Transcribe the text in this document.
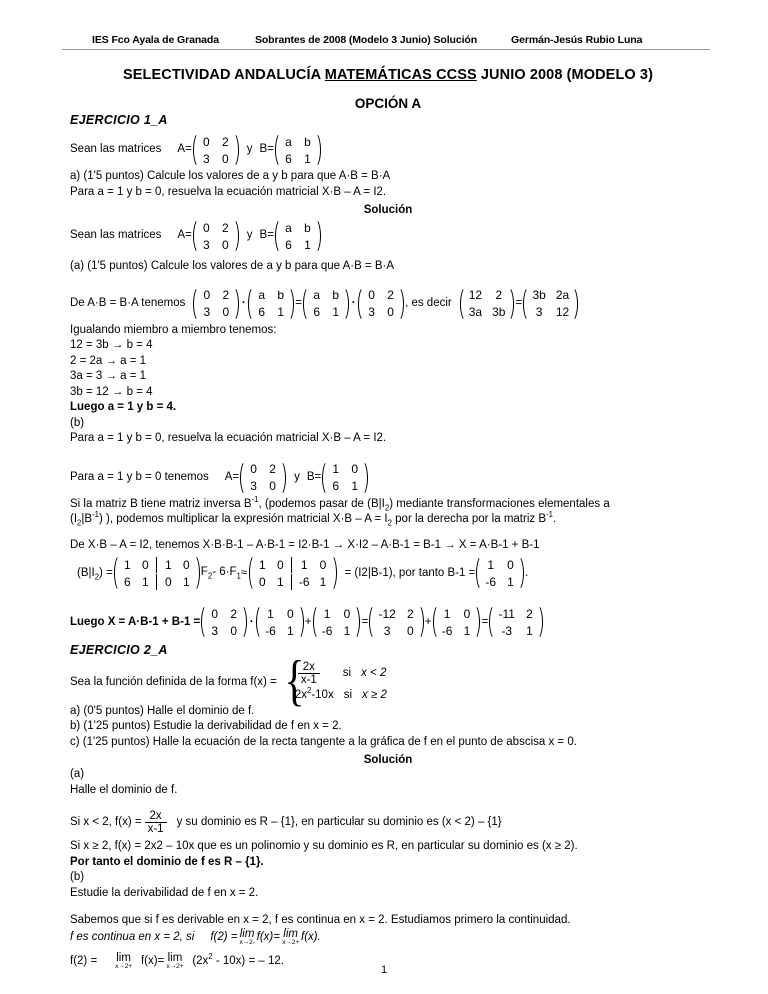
IES Fco Ayala de Granada	Sobrantes de 2008 (Modelo 3 Junio) Solución	Germán-Jesús Rubio Luna
SELECTIVIDAD ANDALUCÍA MATEMÁTICAS CCSS JUNIO 2008 (MODELO 3)
OPCIÓN A
EJERCICIO 1_A
Sean las matrices A=
0 2
3 0
y B=
a b
6 1
a) (1'5 puntos) Calcule los valores de a y b para que A·B = B·A
Para a = 1 y b = 0, resuelva la ecuación matricial X·B – A = I2.
Solución
Sean las matrices A=
0 2
3 0
y B=
a b
6 1
(a) (1'5 puntos) Calcule los valores de a y b para que A·B = B·A
De A·B = B·A tenemos
0 2
3 0
·
a b
6 1
=
a b
6 1
·
0 2
3 0
, es decir
12 2
3a 3b
=
3b 2a
3 12
Igualando miembro a miembro tenemos:
12 = 3b → b = 4
2 = 2a → a = 1
3a = 3 → a = 1
3b = 12 → b = 4
Luego a = 1 y b = 4.
(b)
Para a = 1 y b = 0, resuelva la ecuación matricial X·B – A = I2.
Para a = 1 y b = 0 tenemos A=
0 2
3 0
y B=
1 0
6 1
Si la matriz B tiene matriz inversa $B^{-1}$, (podemos pasar de $(B|I_2)$ mediante transformaciones elementales a
$(I_2|B^{-1})$ ), podemos multiplicar la expresión matricial $X\cdot B - A = I_2$ por la derecha por la matriz $B^{-1}$.
De X·B – A = I2, tenemos X·B·B-1 – A·B-1 = I2·B-1 → X·I2 – A·B-1 = B-1 → X = A·B-1 + B-1
$(B|I_2)$ =
1 0	1 0
6 1	0 1
$F_2-$ $6\cdot F_1$ ≈
1 0	1 0
0 1	-6 1
= (I2|B-1), por tanto B-1 =
1 0
-6 1
.
Luego X = A·B-1 + B-1 =
0 2
3 0
·
1 0
-6 1
+
1 0
-6 1
=
-12 2
3 0
+
1 0
-6 1
=
-11 2
-3 1
EJERCICIO 2_A
Sea la función definida de la forma f(x) = { $\frac{2x}{x-1}$ si x < 2
$2x^2-10x$ si x ≥ 2
a) (0'5 puntos) Halle el dominio de f.
b) (1'25 puntos) Estudie la derivabilidad de f en x = 2.
c) (1'25 puntos) Halle la ecuación de la recta tangente a la gráfica de f en el punto de abscisa x = 0.
Solución
(a)
Halle el dominio de f.
Si x < 2, $f(x) = \frac{2x}{x-1}$ y su dominio es R – {1}, en particular su dominio es (x < 2) – {1}
Si x ≥ 2, f(x) = 2x2 – 10x que es un polinomio y su dominio es R, en particular su dominio es (x ≥ 2).
Por tanto el dominio de f es R – {1}.
(b)
Estudie la derivabilidad de f en x = 2.
Sabemos que si f es derivable en x = 2, f es continua en x = 2. Estudiamos primero la continuidad.
f es continua en x = 2, si f(2) = lim
x→2- f(x) = lim
x→2+ f(x).
f(2) = lim
x→2+ f(x) = lim
$x\to 2+ (2x^2 - 10x)$ = – 12.
1
